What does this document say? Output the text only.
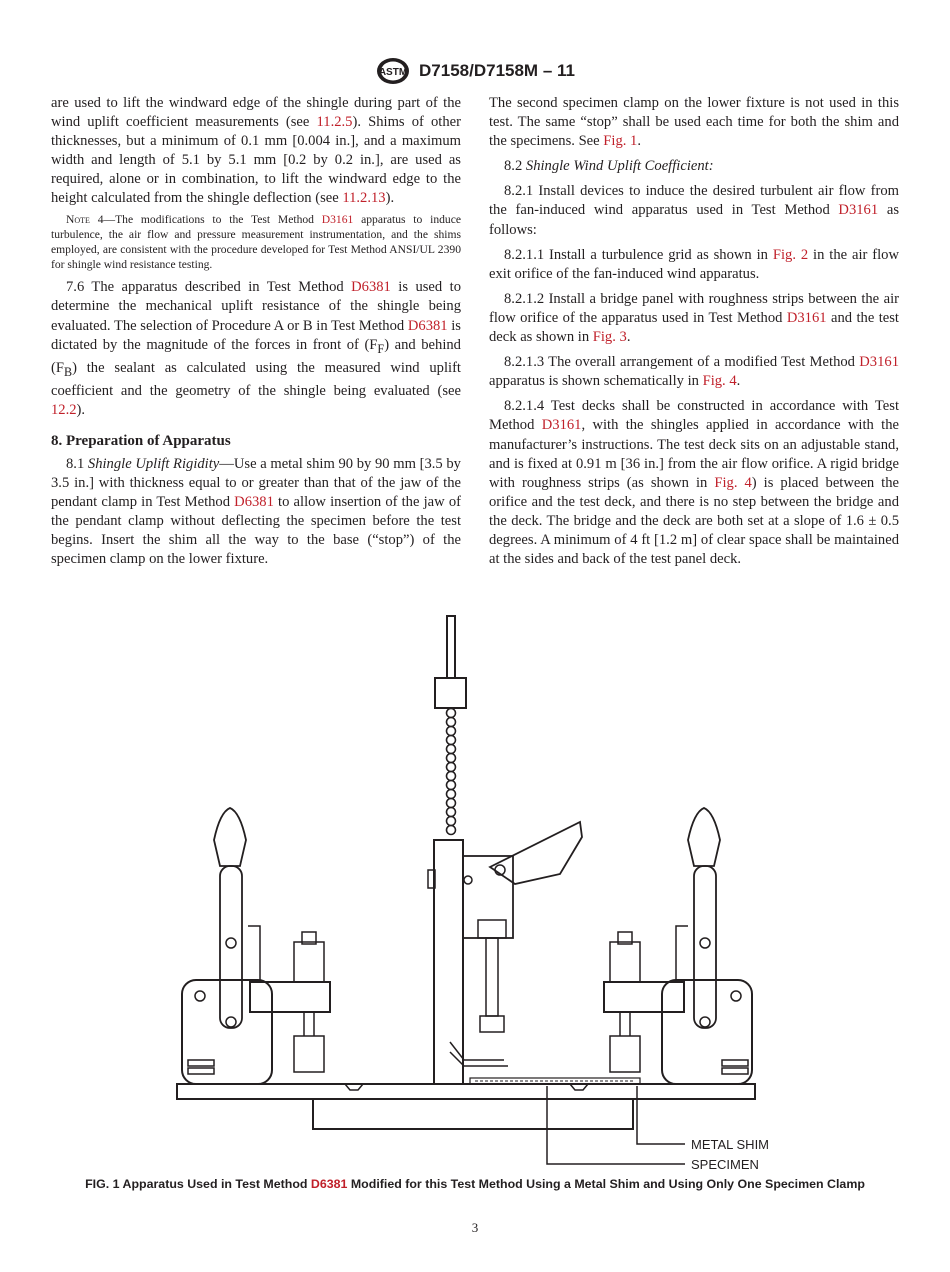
ASTM D7158/D7158M – 11

are used to lift the windward edge of the shingle during part of the wind uplift coefficient measurements (see 11.2.5). Shims of other thicknesses, but a minimum of 0.1 mm [0.004 in.], and a maximum width and length of 5.1 by 5.1 mm [0.2 by 0.2 in.], are used as required, alone or in combination, to lift the windward edge to the height calculated from the shingle deflection (see 11.2.13).

Note 4—The modifications to the Test Method D3161 apparatus to induce turbulence, the air flow and pressure measurement instrumentation, and the shims employed, are consistent with the procedure developed for Test Method ANSI/UL 2390 for shingle wind resistance testing.

7.6 The apparatus described in Test Method D6381 is used to determine the mechanical uplift resistance of the shingle being evaluated. The selection of Procedure A or B in Test Method D6381 is dictated by the magnitude of the forces in front of $(F_F)$ and behind $(F_B)$ the sealant as calculated using the measured wind uplift coefficient and the geometry of the shingle being evaluated (see 12.2).

8. Preparation of Apparatus

8.1 Shingle Uplift Rigidity—Use a metal shim 90 by 90 mm [3.5 by 3.5 in.] with thickness equal to or greater than that of the jaw of the pendant clamp in Test Method D6381 to allow insertion of the jaw of the pendant clamp without deflecting the specimen before the test begins. Insert the shim all the way to the base (“stop”) of the specimen clamp on the lower fixture.

The second specimen clamp on the lower fixture is not used in this test. The same “stop” shall be used each time for both the shim and the specimens. See Fig. 1.

8.2 Shingle Wind Uplift Coefficient:

8.2.1 Install devices to induce the desired turbulent air flow from the fan-induced wind apparatus used in Test Method D3161 as follows:

8.2.1.1 Install a turbulence grid as shown in Fig. 2 in the air flow exit orifice of the fan-induced wind apparatus.

8.2.1.2 Install a bridge panel with roughness strips between the air flow orifice of the apparatus used in Test Method D3161 and the test deck as shown in Fig. 3.

8.2.1.3 The overall arrangement of a modified Test Method D3161 apparatus is shown schematically in Fig. 4.

8.2.1.4 Test decks shall be constructed in accordance with Test Method D3161, with the shingles applied in accordance with the manufacturer’s instructions. The test deck sits on an adjustable stand, and is fixed at 0.91 m [36 in.] from the air flow orifice. A rigid bridge with roughness strips (as shown in Fig. 4) is placed between the orifice and the test deck, and there is no step between the bridge and the deck. The bridge and the deck are both set at a slope of 1.6 ± 0.5 degrees. A minimum of 4 ft [1.2 m] of clear space shall be maintained at the sides and back of the test panel deck.

METAL SHIM
SPECIMEN
FIG. 1 Apparatus Used in Test Method D6381 Modified for this Test Method Using a Metal Shim and Using Only One Specimen Clamp
3
